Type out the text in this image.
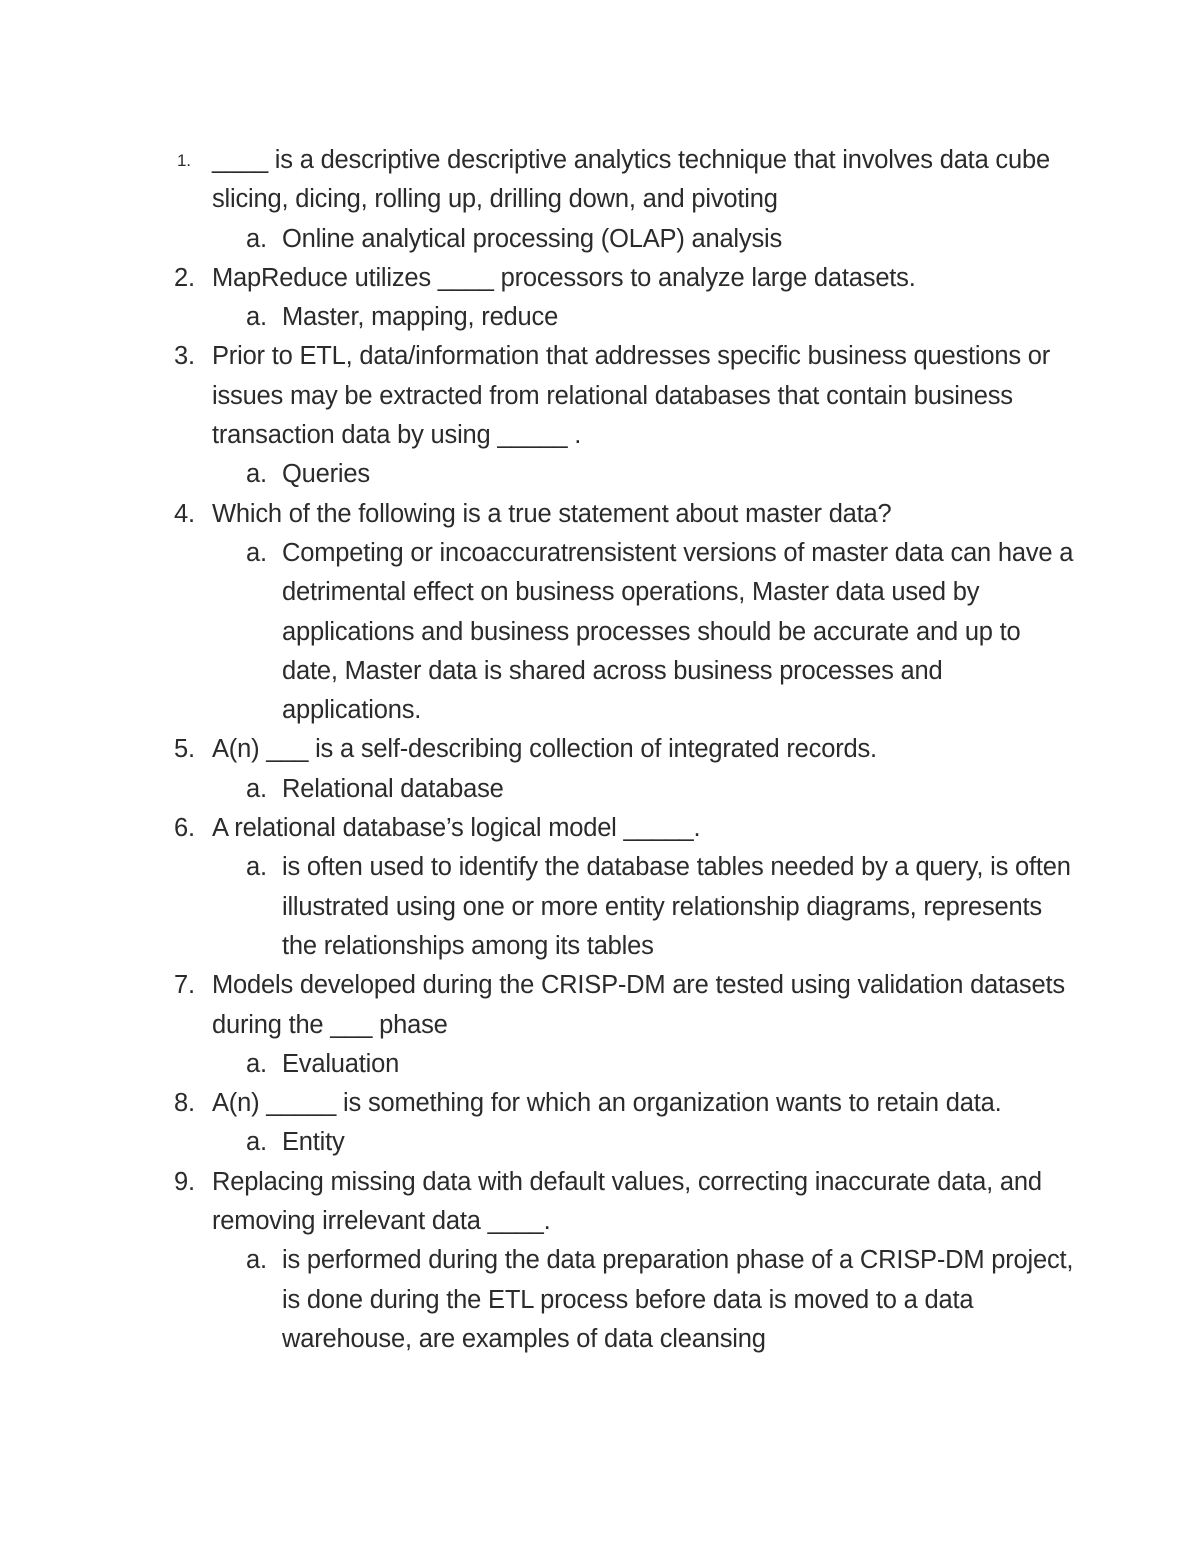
1. ____ is a descriptive descriptive analytics technique that involves data cube slicing, dicing, rolling up, drilling down, and pivoting
a. Online analytical processing (OLAP) analysis
2. MapReduce utilizes ____ processors to analyze large datasets.
a. Master, mapping, reduce
3. Prior to ETL, data/information that addresses specific business questions or issues may be extracted from relational databases that contain business transaction data by using _____ .
a. Queries
4. Which of the following is a true statement about master data?
a. Competing or incoaccuratrensistent versions of master data can have a detrimental effect on business operations, Master data used by applications and business processes should be accurate and up to date, Master data is shared across business processes and applications.
5. A(n) ___ is a self-describing collection of integrated records.
a. Relational database
6. A relational database’s logical model _____.
a. is often used to identify the database tables needed by a query, is often illustrated using one or more entity relationship diagrams, represents the relationships among its tables
7. Models developed during the CRISP-DM are tested using validation datasets during the ___ phase
a. Evaluation
8. A(n) _____ is something for which an organization wants to retain data.
a. Entity
9. Replacing missing data with default values, correcting inaccurate data, and removing irrelevant data ____.
a. is performed during the data preparation phase of a CRISP-DM project, is done during the ETL process before data is moved to a data warehouse, are examples of data cleansing
